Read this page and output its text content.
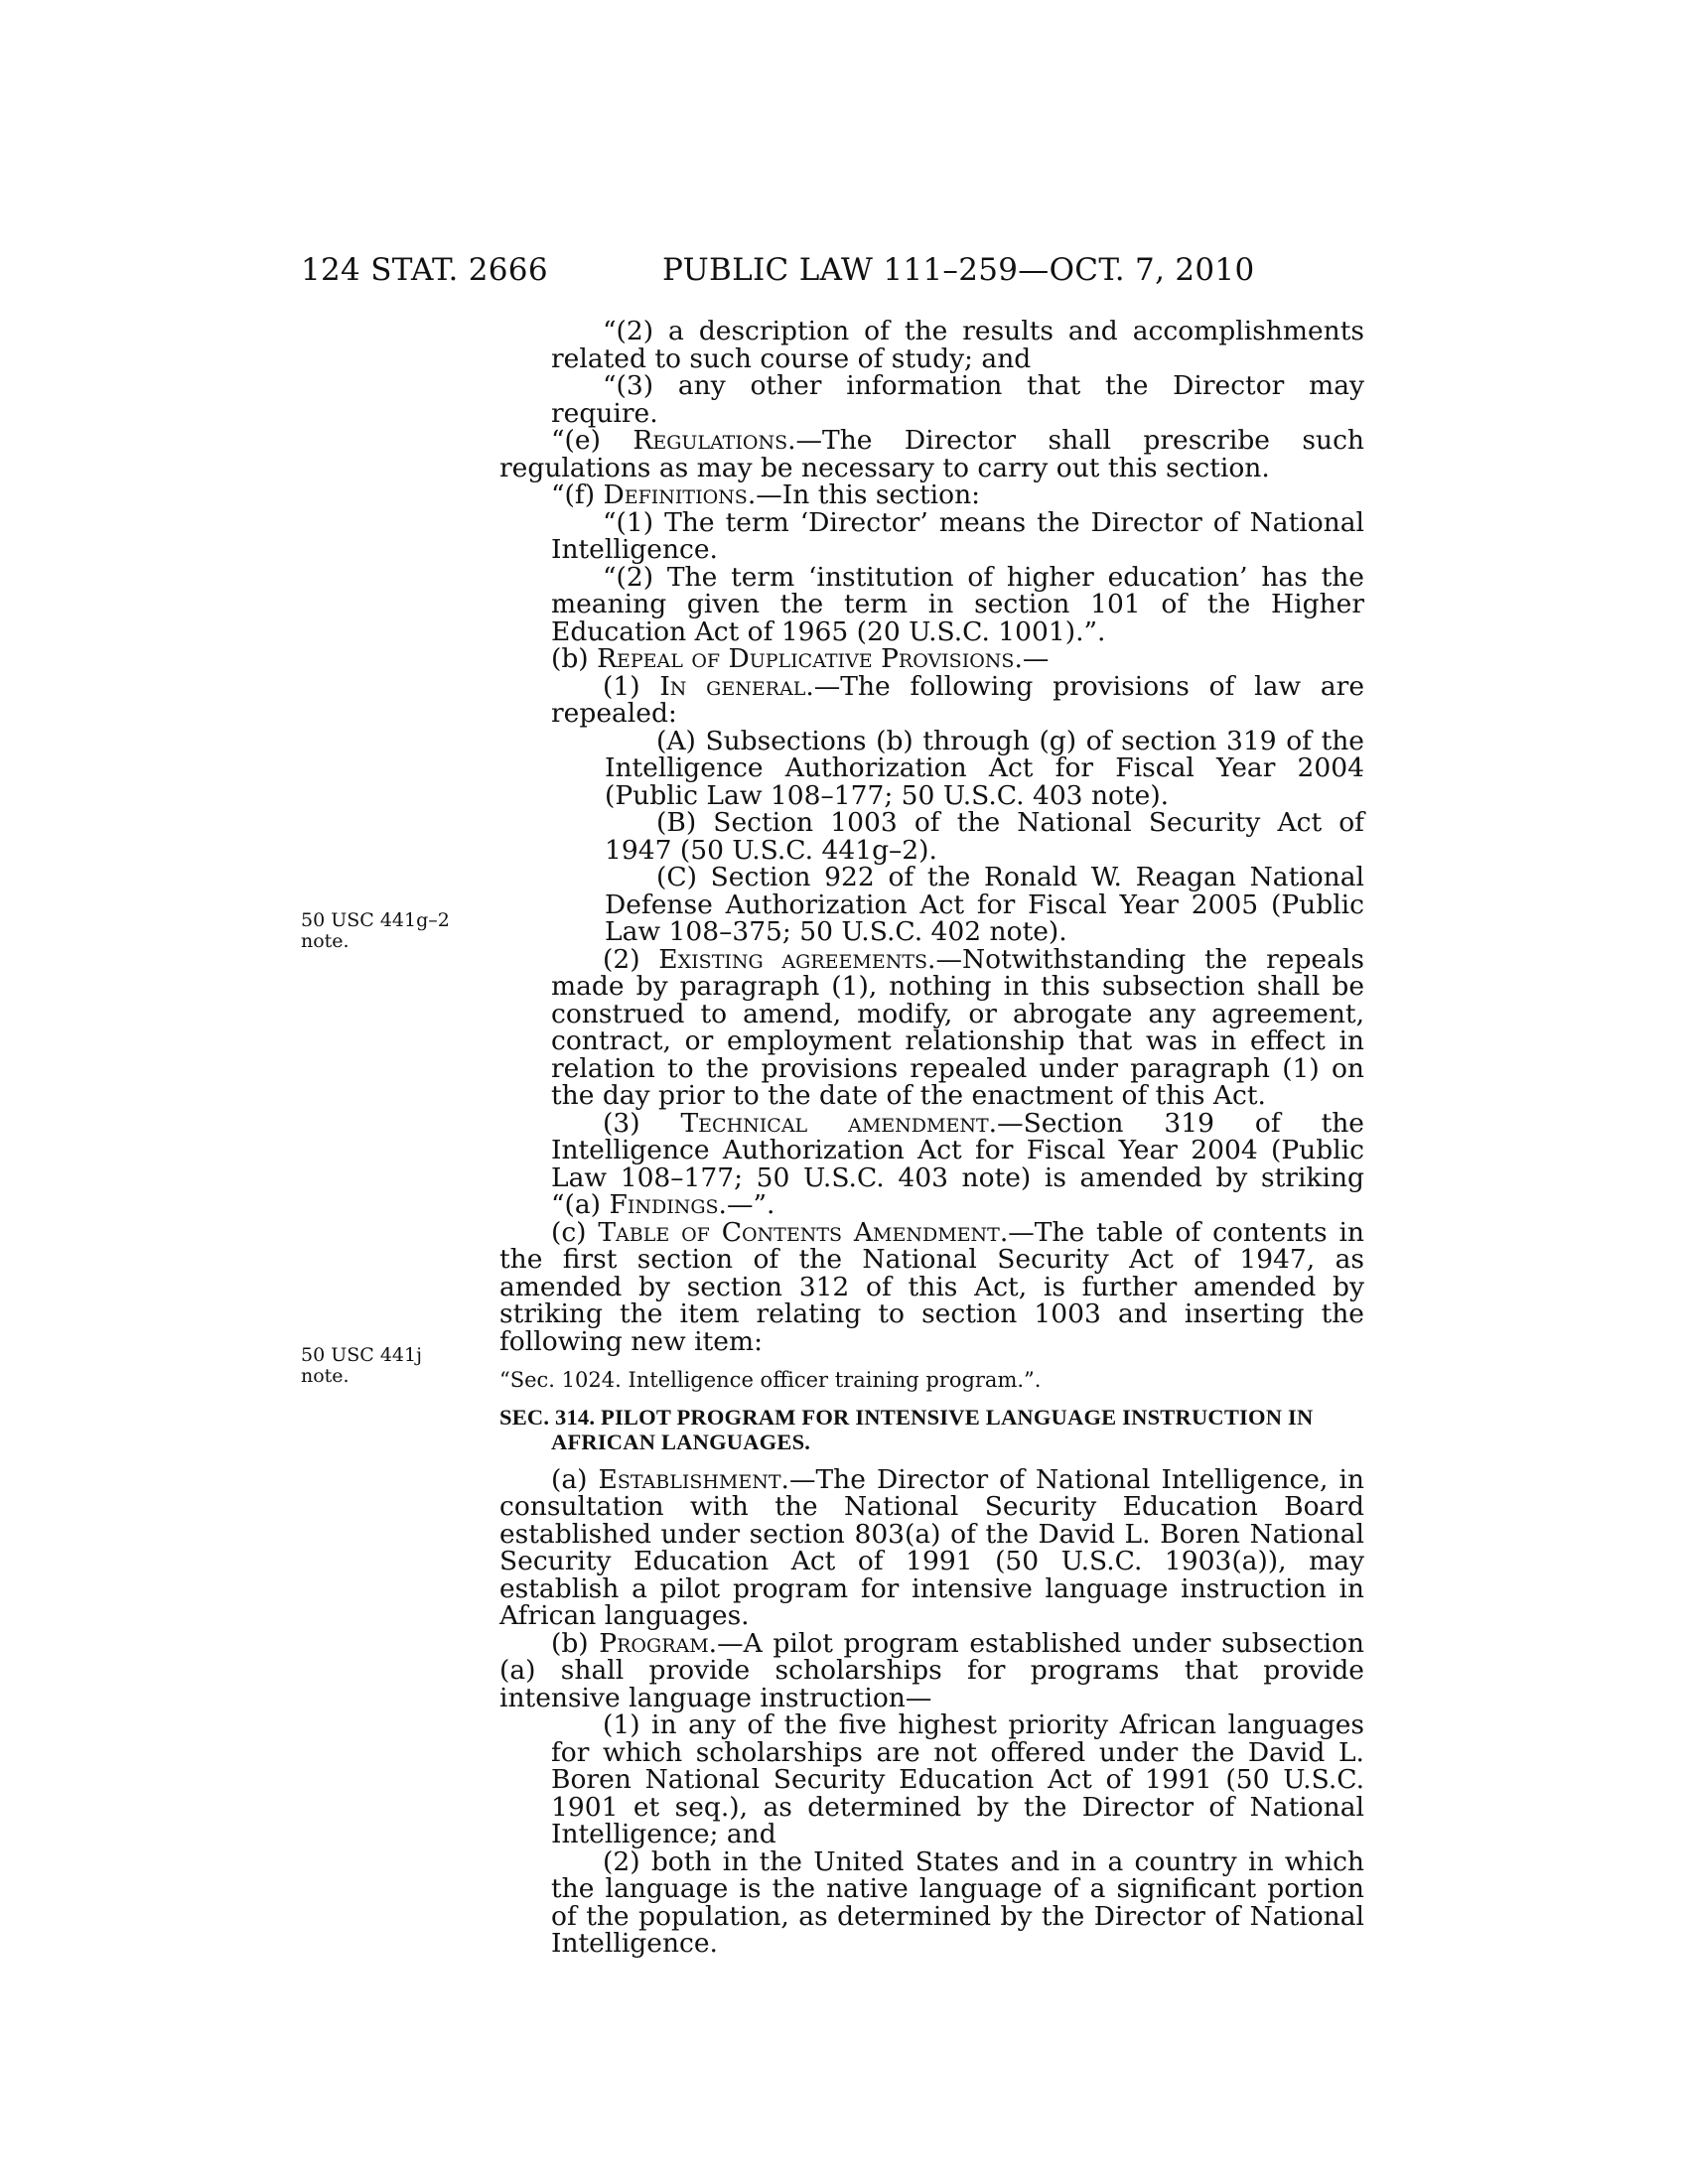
124 STAT. 2666	PUBLIC LAW 111–259—OCT. 7, 2010
50 USC 441g–2
note.
50 USC 441j
note.

“(2) a description of the results and accomplishments related to such course of study; and

“(3) any other information that the Director may require.

“(e) Regulations.—The Director shall prescribe such regulations as may be necessary to carry out this section.

“(f) Definitions.—In this section:

“(1) The term ‘Director’ means the Director of National Intelligence.

“(2) The term ‘institution of higher education’ has the meaning given the term in section 101 of the Higher Education Act of 1965 (20 U.S.C. 1001).”.

(b) Repeal of Duplicative Provisions.—

(1) In general.—The following provisions of law are repealed:

(A) Subsections (b) through (g) of section 319 of the Intelligence Authorization Act for Fiscal Year 2004 (Public Law 108–177; 50 U.S.C. 403 note).

(B) Section 1003 of the National Security Act of 1947 (50 U.S.C. 441g–2).

(C) Section 922 of the Ronald W. Reagan National Defense Authorization Act for Fiscal Year 2005 (Public Law 108–375; 50 U.S.C. 402 note).

(2) Existing agreements.—Notwithstanding the repeals made by paragraph (1), nothing in this subsection shall be construed to amend, modify, or abrogate any agreement, contract, or employment relationship that was in effect in relation to the provisions repealed under paragraph (1) on the day prior to the date of the enactment of this Act.

(3) Technical amendment.—Section 319 of the Intelligence Authorization Act for Fiscal Year 2004 (Public Law 108–177; 50 U.S.C. 403 note) is amended by striking “(a) Findings.—”.

(c) Table of Contents Amendment.—The table of contents in the first section of the National Security Act of 1947, as amended by section 312 of this Act, is further amended by striking the item relating to section 1003 and inserting the following new item:

“Sec. 1024. Intelligence officer training program.”.

SEC. 314. PILOT PROGRAM FOR INTENSIVE LANGUAGE INSTRUCTION IN AFRICAN LANGUAGES.

(a) Establishment.—The Director of National Intelligence, in consultation with the National Security Education Board established under section 803(a) of the David L. Boren National Security Education Act of 1991 (50 U.S.C. 1903(a)), may establish a pilot program for intensive language instruction in African languages.

(b) Program.—A pilot program established under subsection (a) shall provide scholarships for programs that provide intensive language instruction—

(1) in any of the five highest priority African languages for which scholarships are not offered under the David L. Boren National Security Education Act of 1991 (50 U.S.C. 1901 et seq.), as determined by the Director of National Intelligence; and

(2) both in the United States and in a country in which the language is the native language of a significant portion of the population, as determined by the Director of National Intelligence.
